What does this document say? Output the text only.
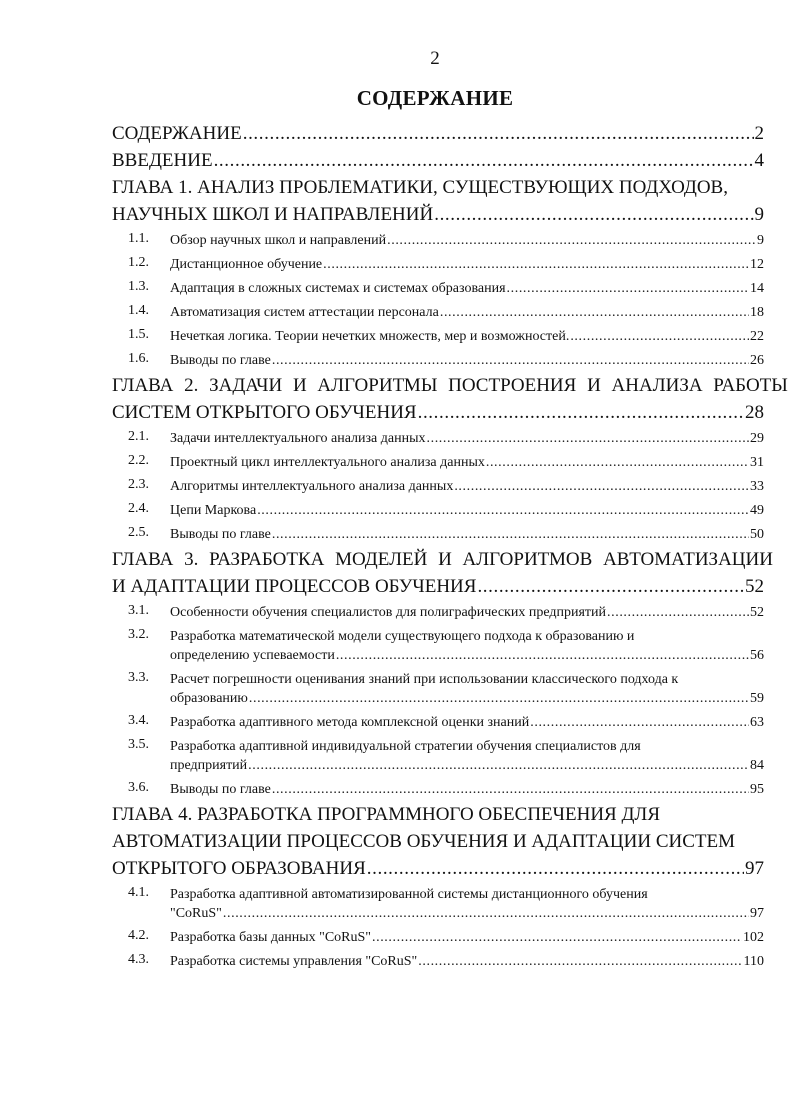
2
СОДЕРЖАНИЕ
СОДЕРЖАНИЕ .....	2
ВВЕДЕНИЕ .....	4
ГЛАВА 1. АНАЛИЗ ПРОБЛЕМАТИКИ, СУЩЕСТВУЮЩИХ ПОДХОДОВ,
НАУЧНЫХ ШКОЛ И НАПРАВЛЕНИЙ .....	9
1.1. Обзор научных школ и направлений .....	9
1.2. Дистанционное обучение .....	12
1.3. Адаптация в сложных системах и системах образования .....	14
1.4. Автоматизация систем аттестации персонала .....	18
1.5. Нечеткая логика. Теории нечетких множеств, мер и возможностей. .....	22
1.6. Выводы по главе .....	26
ГЛАВА 2. ЗАДАЧИ И АЛГОРИТМЫ ПОСТРОЕНИЯ И АНАЛИЗА РАБОТЫ
СИСТЕМ ОТКРЫТОГО ОБУЧЕНИЯ .....	28
2.1. Задачи интеллектуального анализа данных .....	29
2.2. Проектный цикл интеллектуального анализа данных .....	31
2.3. Алгоритмы интеллектуального анализа данных .....	33
2.4. Цепи Маркова .....	49
2.5. Выводы по главе .....	50
ГЛАВА 3. РАЗРАБОТКА МОДЕЛЕЙ И АЛГОРИТМОВ АВТОМАТИЗАЦИИ
И АДАПТАЦИИ ПРОЦЕССОВ ОБУЧЕНИЯ .....	52
3.1. Особенности обучения специалистов для полиграфических предприятий .....	52
3.2. Разработка математической модели существующего подхода к образованию и
определению успеваемости .....	56
3.3. Расчет погрешности оценивания знаний при использовании классического подхода к
образованию .....	59
3.4. Разработка адаптивного метода комплексной оценки знаний .....	63
3.5. Разработка адаптивной индивидуальной стратегии обучения специалистов для
предприятий .....	84
3.6. Выводы по главе .....	95
ГЛАВА 4. РАЗРАБОТКА ПРОГРАММНОГО ОБЕСПЕЧЕНИЯ ДЛЯ
АВТОМАТИЗАЦИИ ПРОЦЕССОВ ОБУЧЕНИЯ И АДАПТАЦИИ СИСТЕМ
ОТКРЫТОГО ОБРАЗОВАНИЯ .....	97
4.1. Разработка адаптивной автоматизированной системы дистанционного обучения
"CoRuS" .....	97
4.2. Разработка базы данных "CoRuS" .....	102
4.3. Разработка системы управления "CoRuS" .....	110
